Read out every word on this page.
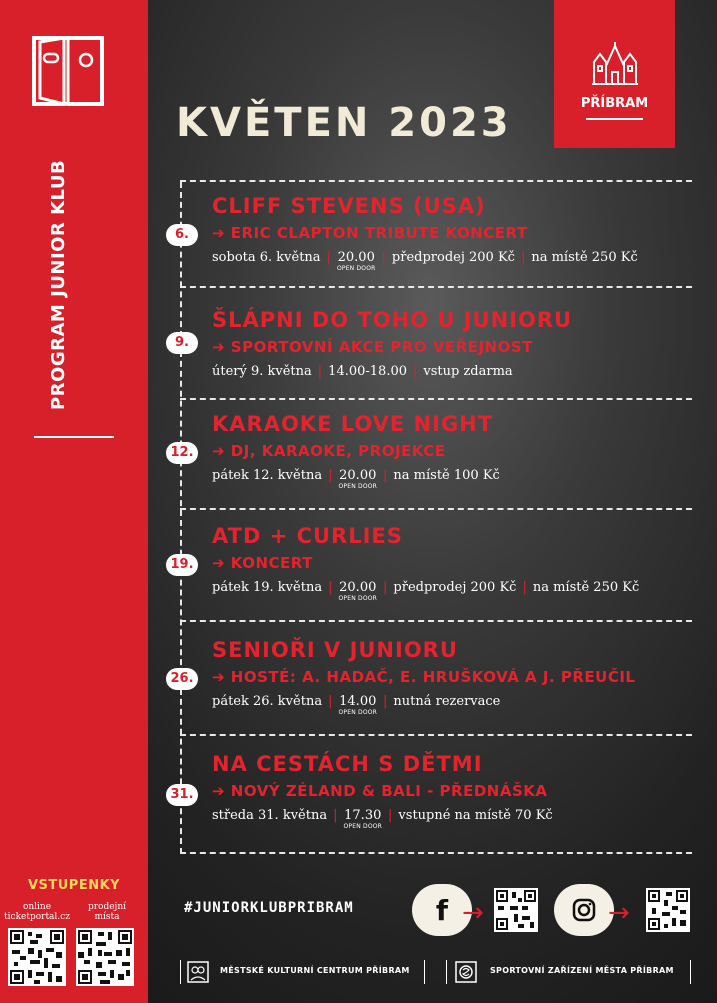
PROGRAM JUNIOR KLUB
VSTUPENKY
online
ticketportal.cz
prodejní
místa
PŘÍBRAM
KVĚTEN 2023
6.
CLIFF STEVENS (USA)
➔ ERIC CLAPTON TRIBUTE KONCERT
sobota 6. května | 20.00
OPEN DOOR
| předprodej 200 Kč | na místě 250 Kč
9.
ŠLÁPNI DO TOHO U JUNIORU
➔ SPORTOVNÍ AKCE PRO VEŘEJNOST
úterý 9. května | 14.00-18.00 | vstup zdarma
12.
KARAOKE LOVE NIGHT
➔ DJ, KARAOKE, PROJEKCE
pátek 12. května | 20.00
OPEN DOOR
| na místě 100 Kč
19.
ATD + CURLIES
➔ KONCERT
pátek 19. května | 20.00
OPEN DOOR
| předprodej 200 Kč | na místě 250 Kč
26.
SENIOŘI V JUNIORU
➔ HOSTÉ: A. HADAČ, E. HRUŠKOVÁ A J. PŘEUČIL
pátek 26. května | 14.00
OPEN DOOR
| nutná rezervace
31.
NA CESTÁCH S DĚTMI
➔ NOVÝ ZÉLAND & BALI - PŘEDNÁŠKA
středa 31. května | 17.30
OPEN DOOR
| vstupné na místě 70 Kč
#JUNIORKLUBPRIBRAM	f →	→
MĚSTSKÉ KULTURNÍ CENTRUM PŘÍBRAM	SPORTOVNÍ ZAŘÍZENÍ MĚSTA PŘÍBRAM
